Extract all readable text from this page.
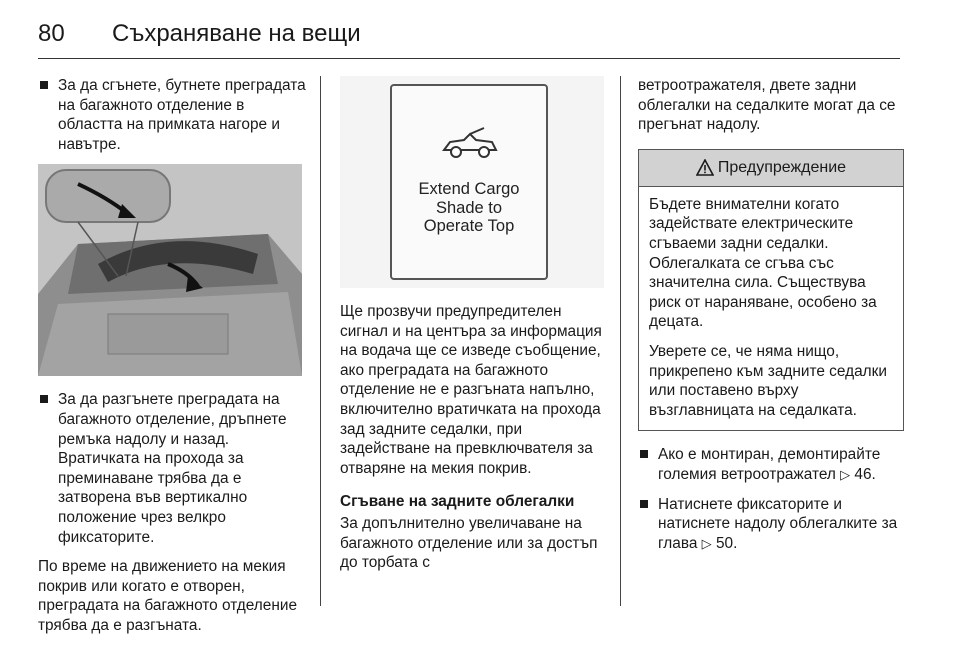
80 Съхраняване на вещи
За да сгънете, бутнете преградата на багажното отделение в областта на примката нагоре и навътре.
За да разгънете преградата на багажното отделение, дръпнете ремъка надолу и назад. Вратичката на прохода за преминаване трябва да е затворена във вертикално положение чрез велкро фиксаторите.

По време на движението на мекия покрив или когато е отворен, преградата на багажното отделение трябва да е разгъната.

Extend Cargo
Shade to
Operate Top

Ще прозвучи предупредителен сигнал и на центъра за информация на водача ще се изведе съобщение, ако преградата на багажното отделение не е разгъната напълно, включително вратичката на прохода зад задните седалки, при задействане на превключвателя за отваряне на мекия покрив.

Сгъване на задните облегалки

За допълнително увеличаване на багажното отделение или за достъп до торбата с

ветроотражателя, двете задни облегалки на седалките могат да се прегънат надолу.

Предупреждение

Бъдете внимателни когато задействате електрическите сгъваеми задни седалки. Облегалката се сгъва със значителна сила. Съществува риск от нараняване, особено за децата.

Уверете се, че няма нищо, прикрепено към задните седалки или поставено върху възглавницата на седалката.

Ако е монтиран, демонтирайте големия ветроотражател ▷ 46.
Натиснете фиксаторите и натиснете надолу облегалките за глава ▷ 50.
